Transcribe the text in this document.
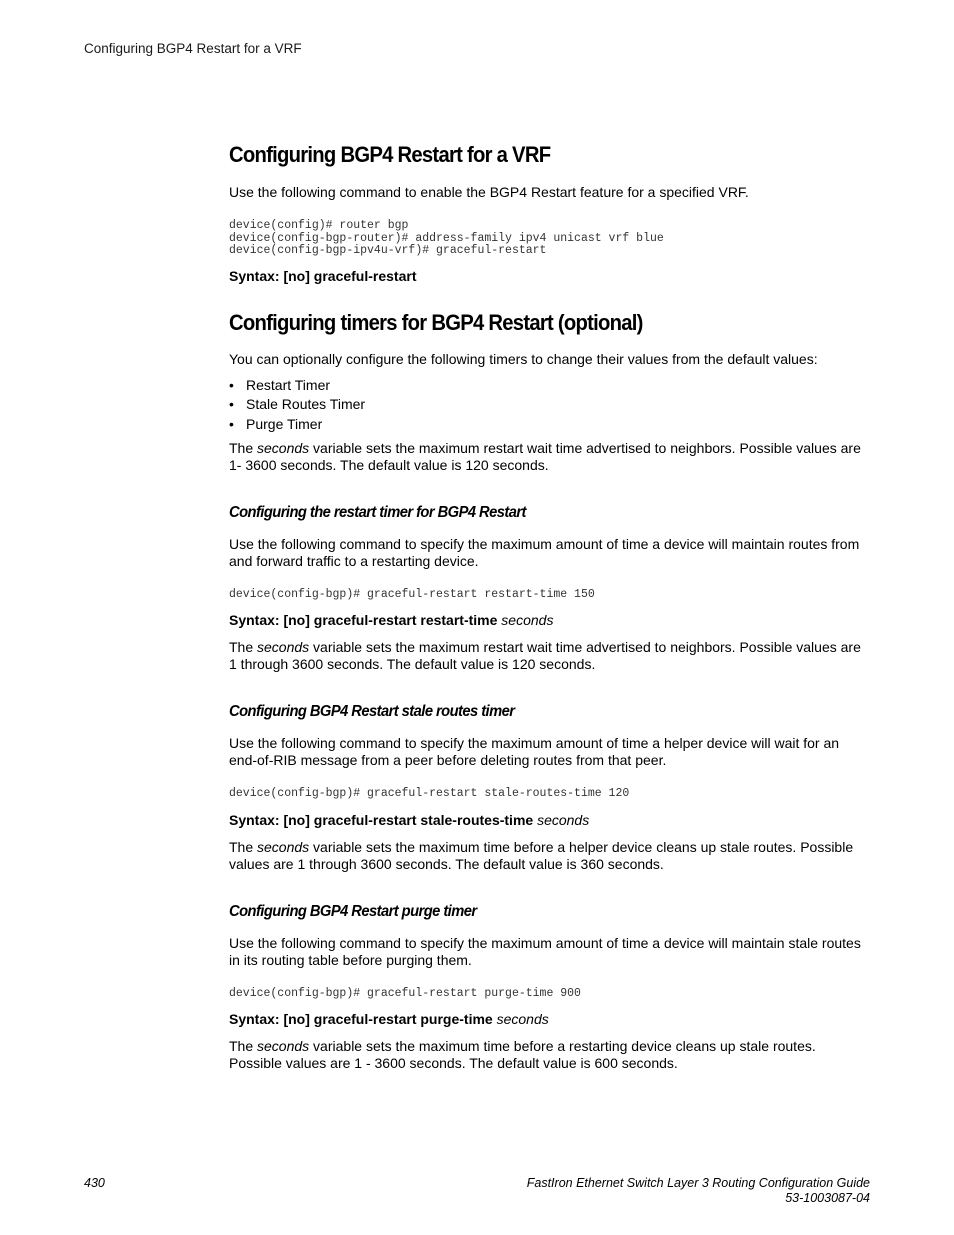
Configuring BGP4 Restart for a VRF
Configuring BGP4 Restart for a VRF

Use the following command to enable the BGP4 Restart feature for a specified VRF.

device(config)# router bgp
device(config-bgp-router)# address-family ipv4 unicast vrf blue
device(config-bgp-ipv4u-vrf)# graceful-restart

Syntax: [no] graceful-restart

Configuring timers for BGP4 Restart (optional)

You can optionally configure the following timers to change their values from the default values:

• Restart Timer
• Stale Routes Timer
• Purge Timer

The seconds variable sets the maximum restart wait time advertised to neighbors. Possible values are 1- 3600 seconds. The default value is 120 seconds.

Configuring the restart timer for BGP4 Restart

Use the following command to specify the maximum amount of time a device will maintain routes from and forward traffic to a restarting device.

device(config-bgp)# graceful-restart restart-time 150

Syntax: [no] graceful-restart restart-time seconds

The seconds variable sets the maximum restart wait time advertised to neighbors. Possible values are 1 through 3600 seconds. The default value is 120 seconds.

Configuring BGP4 Restart stale routes timer

Use the following command to specify the maximum amount of time a helper device will wait for an end-of-RIB message from a peer before deleting routes from that peer.

device(config-bgp)# graceful-restart stale-routes-time 120

Syntax: [no] graceful-restart stale-routes-time seconds

The seconds variable sets the maximum time before a helper device cleans up stale routes. Possible values are 1 through 3600 seconds. The default value is 360 seconds.

Configuring BGP4 Restart purge timer

Use the following command to specify the maximum amount of time a device will maintain stale routes in its routing table before purging them.

device(config-bgp)# graceful-restart purge-time 900

Syntax: [no] graceful-restart purge-time seconds

The seconds variable sets the maximum time before a restarting device cleans up stale routes. Possible values are 1 - 3600 seconds. The default value is 600 seconds.

430	FastIron Ethernet Switch Layer 3 Routing Configuration Guide
53-1003087-04
